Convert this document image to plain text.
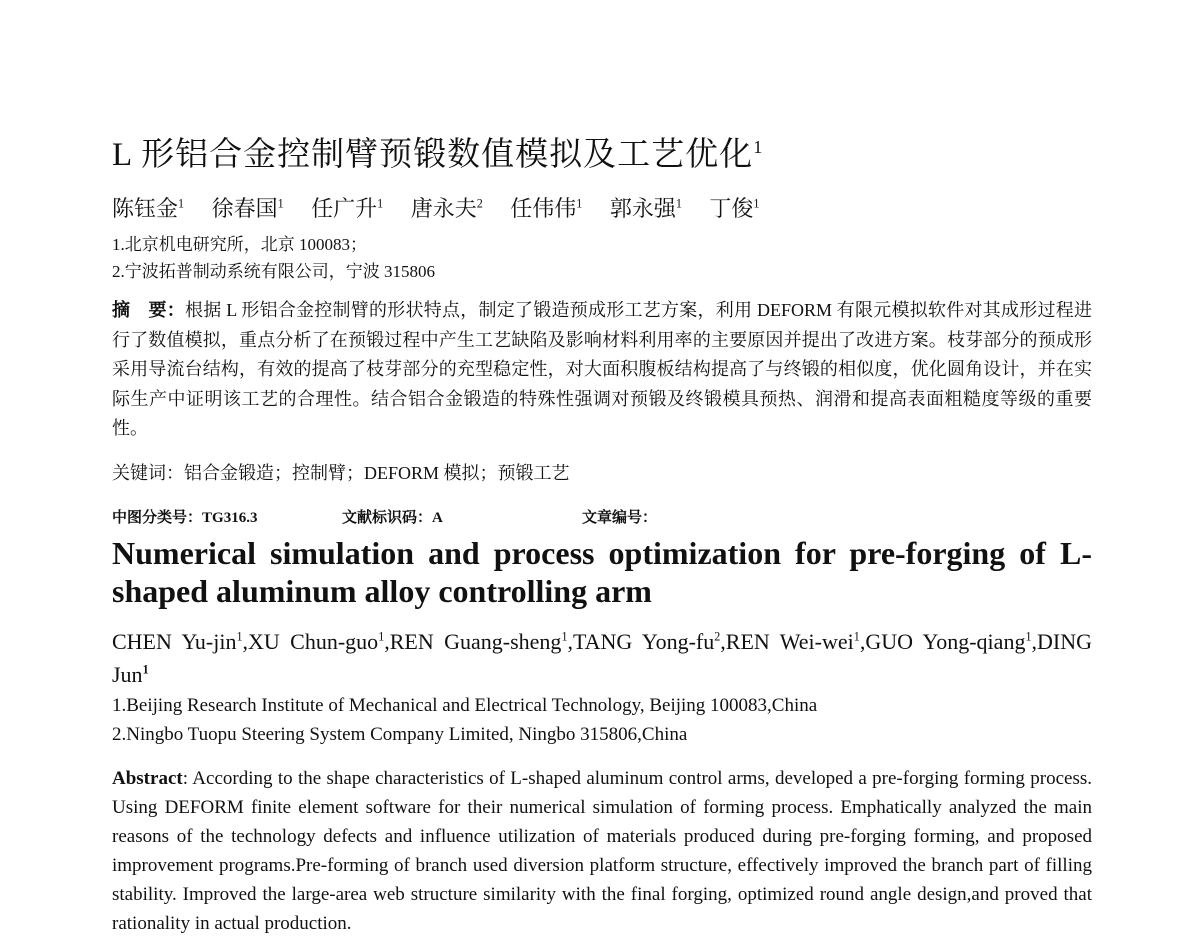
L 形铝合金控制臂预锻数值模拟及工艺优化$^1$
陈钰金$^1$ 徐春国$^1$ 任广升$^1$ 唐永夫$^2$ 任伟伟$^1$ 郭永强$^1$ 丁俊$^1$
1.北京机电研究所，北京 100083；
2.宁波拓普制动系统有限公司，宁波 315806
摘　要：根据 L 形铝合金控制臂的形状特点，制定了锻造预成形工艺方案，利用 DEFORM 有限元模拟软件对其成形过程进行了数值模拟，重点分析了在预锻过程中产生工艺缺陷及影响材料利用率的主要原因并提出了改进方案。枝芽部分的预成形采用导流台结构，有效的提高了枝芽部分的充型稳定性，对大面积腹板结构提高了与终锻的相似度，优化圆角设计，并在实际生产中证明该工艺的合理性。结合铝合金锻造的特殊性强调对预锻及终锻模具预热、润滑和提高表面粗糙度等级的重要性。
关键词：铝合金锻造；控制臂；DEFORM 模拟；预锻工艺
中图分类号：TG316.3	文献标识码：A	文章编号：
Numerical simulation and process optimization for pre-forging of L-shaped aluminum alloy controlling arm
CHEN Yu-jin$^1$,XU Chun-guo$^1$,REN Guang-sheng$^1$,TANG Yong-$fu^2,REN$ Wei-wei$^1$,GUO Yong-qiang$^1$,DING Jun$^1$
1.Beijing Research Institute of Mechanical and Electrical Technology, Beijing 100083,China
2.Ningbo Tuopu Steering System Company Limited, Ningbo 315806,China
Abstract: According to the shape characteristics of L-shaped aluminum control arms, developed a pre-forging forming process. Using DEFORM finite element software for their numerical simulation of forming process. Emphatically analyzed the main reasons of the technology defects and influence utilization of materials produced during pre-forging forming, and proposed improvement programs.Pre-forming of branch used diversion platform structure, effectively improved the branch part of filling stability. Improved the large-area web structure similarity with the final forging, optimized round angle design,and proved that rationality in actual production.
